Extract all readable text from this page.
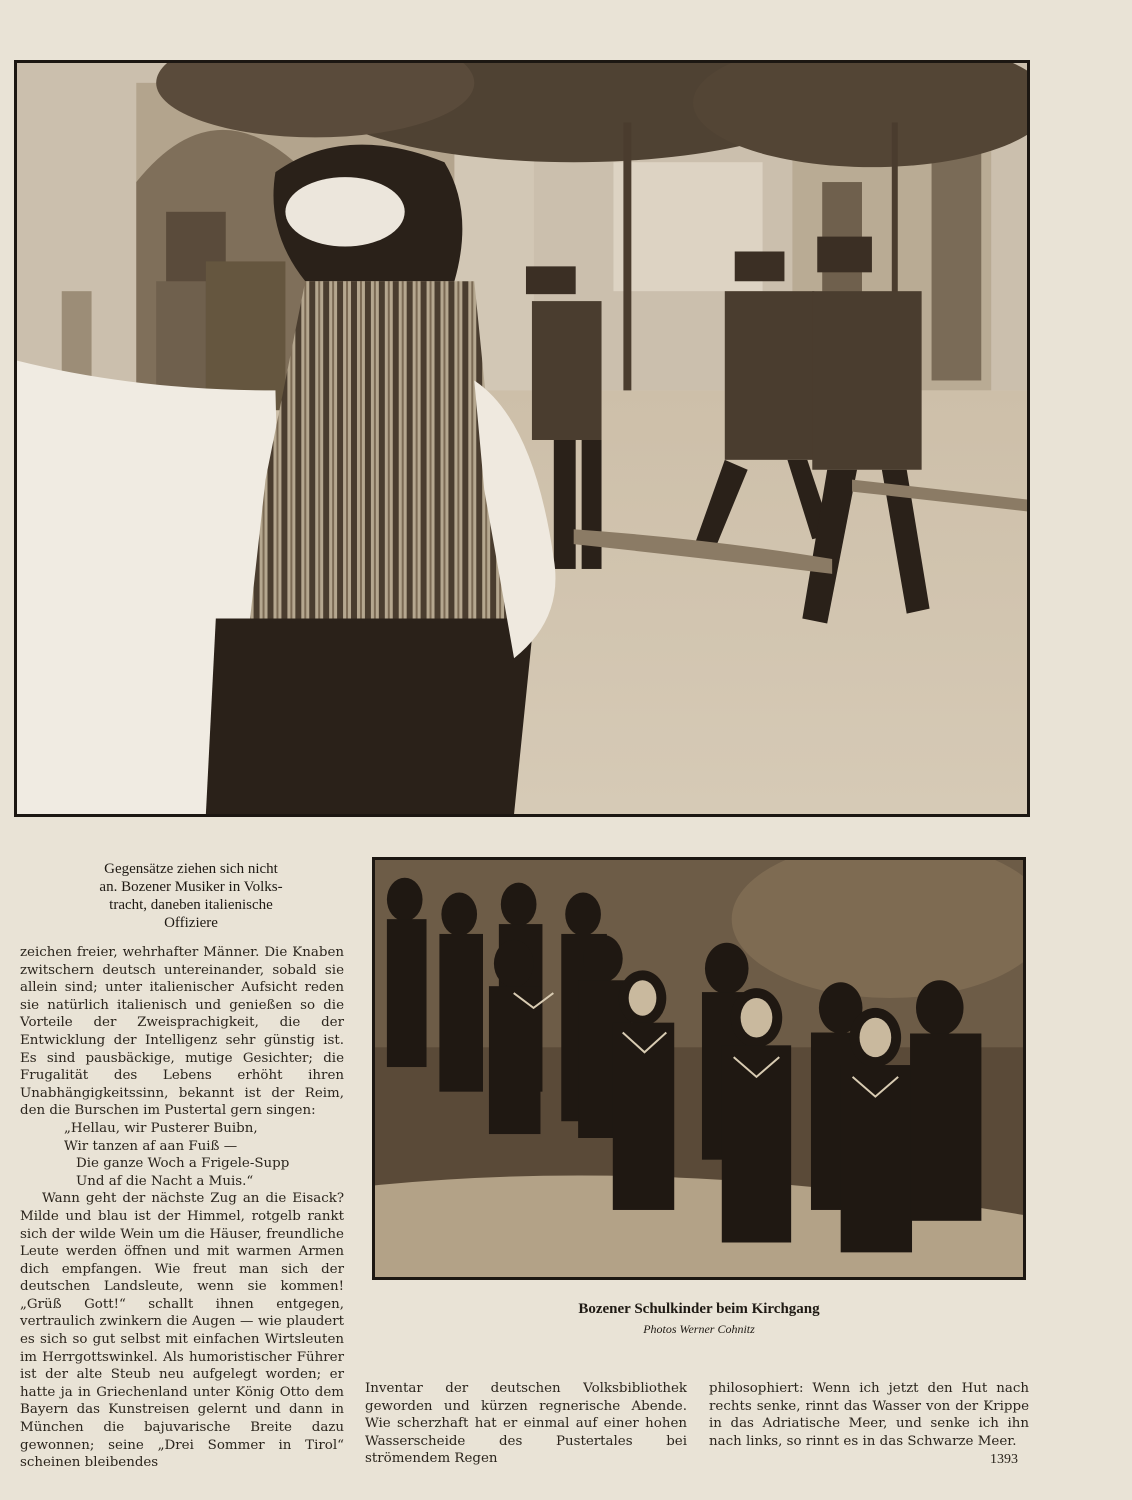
Gegensätze ziehen sich nicht
an. Bozener Musiker in Volks-
tracht, daneben italienische
Offiziere
Bozener Schulkinder beim Kirchgang
Photos Werner Cohnitz

zeichen freier, wehrhafter Männer. Die Knaben zwitschern deutsch untereinander, sobald sie allein sind; unter italienischer Aufsicht reden sie natürlich italienisch und genießen so die Vorteile der Zweisprachigkeit, die der Entwicklung der Intelligenz sehr günstig ist. Es sind pausbäckige, mutige Gesichter; die Frugalität des Lebens erhöht ihren Unabhängigkeitssinn, bekannt ist der Reim, den die Burschen im Pustertal gern singen:

„Hellau, wir Pusterer Buibn,
Wir tanzen af aan Fuiß —
Die ganze Woch a Frigele-Supp
Und af die Nacht a Muis.“

Wann geht der nächste Zug an die Eisack? Milde und blau ist der Himmel, rotgelb rankt sich der wilde Wein um die Häuser, freundliche Leute werden öffnen und mit warmen Armen dich empfangen. Wie freut man sich der deutschen Landsleute, wenn sie kommen! „Grüß Gott!“ schallt ihnen entgegen, vertraulich zwinkern die Augen — wie plaudert es sich so gut selbst mit einfachen Wirtsleuten im Herrgottswinkel. Als humoristischer Führer ist der alte Steub neu aufgelegt worden; er hatte ja in Griechenland unter König Otto dem Bayern das Kunstreisen gelernt und dann in München die bajuvarische Breite dazu gewonnen; seine „Drei Sommer in Tirol“ scheinen bleibendes

Inventar der deutschen Volksbibliothek geworden und kürzen regnerische Abende. Wie scherzhaft hat er einmal auf einer hohen Wasserscheide des Pustertales bei strömendem Regen

philosophiert: Wenn ich jetzt den Hut nach rechts senke, rinnt das Wasser von der Krippe in das Adriatische Meer, und senke ich ihn nach links, so rinnt es in das Schwarze Meer.

1393
